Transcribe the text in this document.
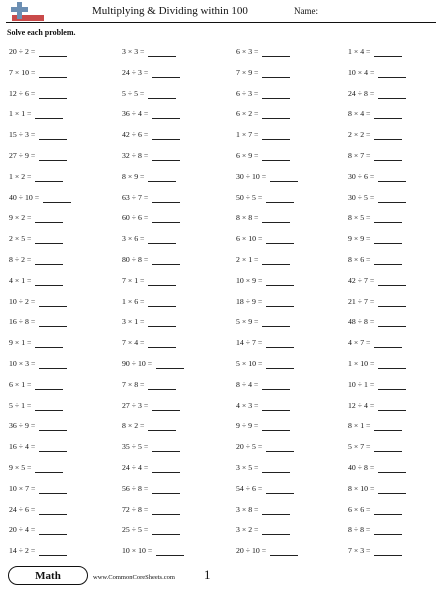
Multiplying & Dividing within 100	Name:
Solve each problem.
20 ÷ 2 =	3 × 3 =	6 × 3 =	1 × 4 =
7 × 10 =	24 ÷ 3 =	7 × 9 =	10 × 4 =
12 ÷ 6 =	5 ÷ 5 =	6 ÷ 3 =	24 ÷ 8 =
1 × 1 =	36 ÷ 4 =	6 × 2 =	8 × 4 =
15 ÷ 3 =	42 ÷ 6 =	1 × 7 =	2 × 2 =
27 ÷ 9 =	32 ÷ 8 =	6 × 9 =	8 × 7 =
1 × 2 =	8 × 9 =	30 ÷ 10 =	30 ÷ 6 =
40 ÷ 10 =	63 ÷ 7 =	50 ÷ 5 =	30 ÷ 5 =
9 × 2 =	60 ÷ 6 =	8 × 8 =	8 × 5 =
2 × 5 =	3 × 6 =	6 × 10 =	9 × 9 =
8 ÷ 2 =	80 ÷ 8 =	2 × 1 =	8 × 6 =
4 × 1 =	7 × 1 =	10 × 9 =	42 ÷ 7 =
10 ÷ 2 =	1 × 6 =	18 ÷ 9 =	21 ÷ 7 =
16 ÷ 8 =	3 × 1 =	5 × 9 =	48 ÷ 8 =
9 × 1 =	7 × 4 =	14 ÷ 7 =	4 × 7 =
10 × 3 =	90 ÷ 10 =	5 × 10 =	1 × 10 =
6 × 1 =	7 × 8 =	8 ÷ 4 =	10 ÷ 1 =
5 ÷ 1 =	27 ÷ 3 =	4 × 3 =	12 ÷ 4 =
36 ÷ 9 =	8 × 2 =	9 ÷ 9 =	8 × 1 =
16 ÷ 4 =	35 ÷ 5 =	20 ÷ 5 =	5 × 7 =
9 × 5 =	24 ÷ 4 =	3 × 5 =	40 ÷ 8 =
10 × 7 =	56 ÷ 8 =	54 ÷ 6 =	8 × 10 =
24 ÷ 6 =	72 ÷ 8 =	3 × 8 =	6 × 6 =
20 ÷ 4 =	25 ÷ 5 =	3 × 2 =	8 ÷ 8 =
14 ÷ 2 =	10 × 10 =	20 ÷ 10 =	7 × 3 =
Math	www.CommonCoreSheets.com 1
